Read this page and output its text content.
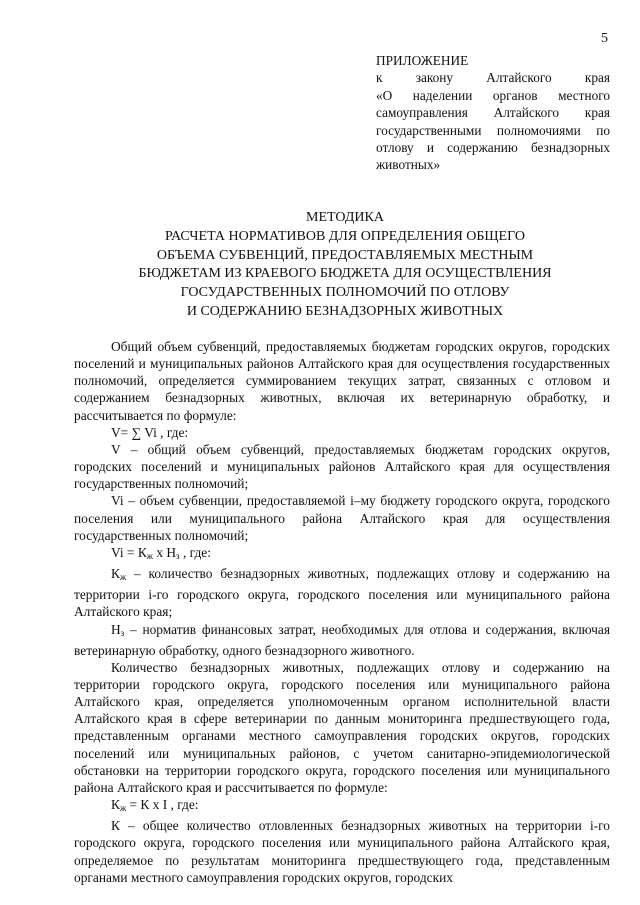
5
ПРИЛОЖЕНИЕ
к закону Алтайского края
«О наделении органов местного самоуправления Алтайского края государственными полномочиями по отлову и содержанию безнадзорных животных»
МЕТОДИКА
РАСЧЕТА НОРМАТИВОВ ДЛЯ ОПРЕДЕЛЕНИЯ ОБЩЕГО
ОБЪЕМА СУБВЕНЦИЙ, ПРЕДОСТАВЛЯЕМЫХ МЕСТНЫМ
БЮДЖЕТАМ ИЗ КРАЕВОГО БЮДЖЕТА ДЛЯ ОСУЩЕСТВЛЕНИЯ
ГОСУДАРСТВЕННЫХ ПОЛНОМОЧИЙ ПО ОТЛОВУ
И СОДЕРЖАНИЮ БЕЗНАДЗОРНЫХ ЖИВОТНЫХ

Общий объем субвенций, предоставляемых бюджетам городских округов, городских поселений и муниципальных районов Алтайского края для осуществления государственных полномочий, определяется суммированием текущих затрат, связанных с отловом и содержанием безнадзорных животных, включая их ветеринарную обработку, и рассчитывается по формуле:

V= ∑ Vi , где:

V – общий объем субвенций, предоставляемых бюджетам городских округов, городских поселений и муниципальных районов Алтайского края для осуществления государственных полномочий;

Vi – объем субвенции, предоставляемой i–му бюджету городского округа, городского поселения или муниципального района Алтайского края для осуществления государственных полномочий;

$Vi = К_ж$ х $Н_з$ , где:

$К_ж$ – количество безнадзорных животных, подлежащих отлову и содержанию на территории i-го городского округа, городского поселения или муниципального района Алтайского края;

$Н_з$ – норматив финансовых затрат, необходимых для отлова и содержания, включая ветеринарную обработку, одного безнадзорного животного.

Количество безнадзорных животных, подлежащих отлову и содержанию на территории городского округа, городского поселения или муниципального района Алтайского края, определяется уполномоченным органом исполнительной власти Алтайского края в сфере ветеринарии по данным мониторинга предшествующего года, представленным органами местного самоуправления городских округов, городских поселений или муниципальных районов, с учетом санитарно-эпидемиологической обстановки на территории городского округа, городского поселения или муниципального района Алтайского края и рассчитывается по формуле:

$К_ж = К$ х I , где:

К – общее количество отловленных безнадзорных животных на территории i-го городского округа, городского поселения или муниципального района Алтайского края, определяемое по результатам мониторинга предшествующего года, представленным органами местного самоуправления городских округов, городских
